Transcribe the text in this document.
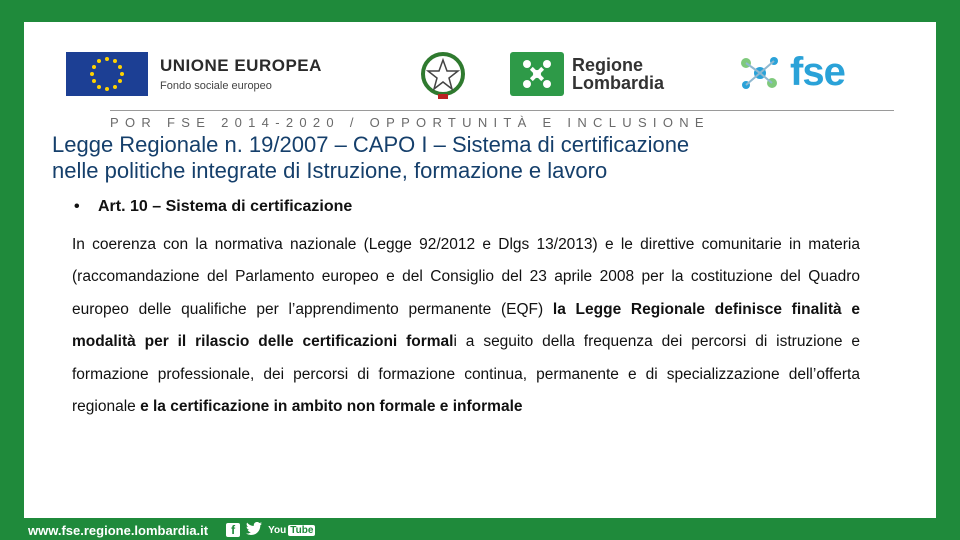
UNIONE EUROPEA
Fondo sociale europeo
Regione
Lombardia	fse
POR FSE 2014-2020 / OPPORTUNITÀ E INCLUSIONE
Legge Regionale n. 19/2007 – CAPO I – Sistema di certificazione
nelle politiche integrate di Istruzione, formazione e lavoro
• Art. 10 – Sistema di certificazione
In coerenza con la normativa nazionale (Legge 92/2012 e Dlgs 13/2013) e le direttive comunitarie in materia (raccomandazione del Parlamento europeo e del Consiglio del 23 aprile 2008 per la costituzione del Quadro europeo delle qualifiche per l’apprendimento permanente (EQF) la Legge Regionale definisce finalità e modalità per il rilascio delle certificazioni formali a seguito della frequenza dei percorsi di istruzione e formazione professionale, dei percorsi di formazione continua, permanente e di specializzazione dell’offerta regionale e la certificazione in ambito non formale e informale
www.fse.regione.lombardia.it	f	You Tube
